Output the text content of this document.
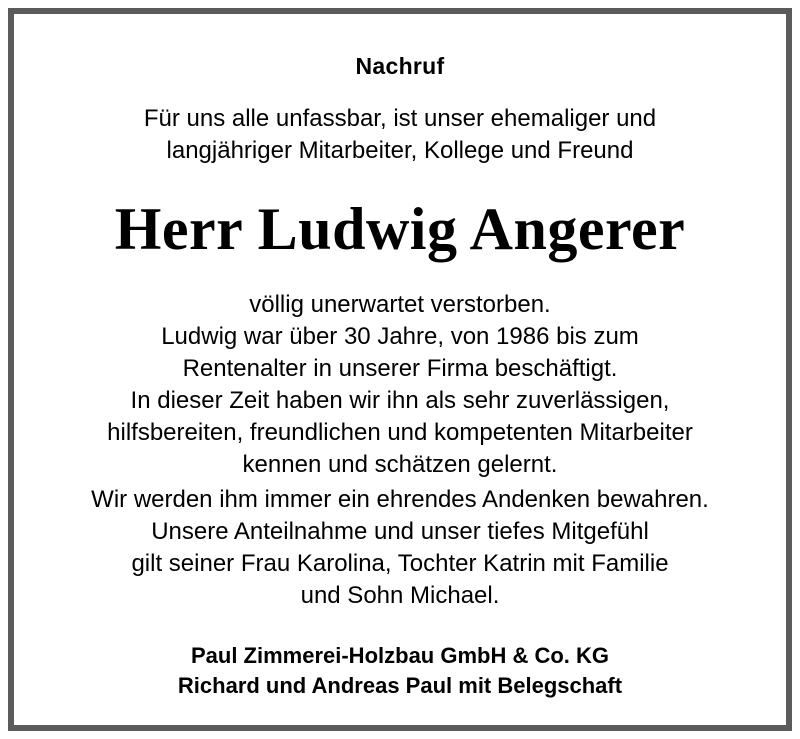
Nachruf
Für uns alle unfassbar, ist unser ehemaliger und
langjähriger Mitarbeiter, Kollege und Freund
Herr Ludwig Angerer
völlig unerwartet verstorben.
Ludwig war über 30 Jahre, von 1986 bis zum
Rentenalter in unserer Firma beschäftigt.
In dieser Zeit haben wir ihn als sehr zuverlässigen,
hilfsbereiten, freundlichen und kompetenten Mitarbeiter
kennen und schätzen gelernt.
Wir werden ihm immer ein ehrendes Andenken bewahren.
Unsere Anteilnahme und unser tiefes Mitgefühl
gilt seiner Frau Karolina, Tochter Katrin mit Familie
und Sohn Michael.
Paul Zimmerei-Holzbau GmbH & Co. KG
Richard und Andreas Paul mit Belegschaft
